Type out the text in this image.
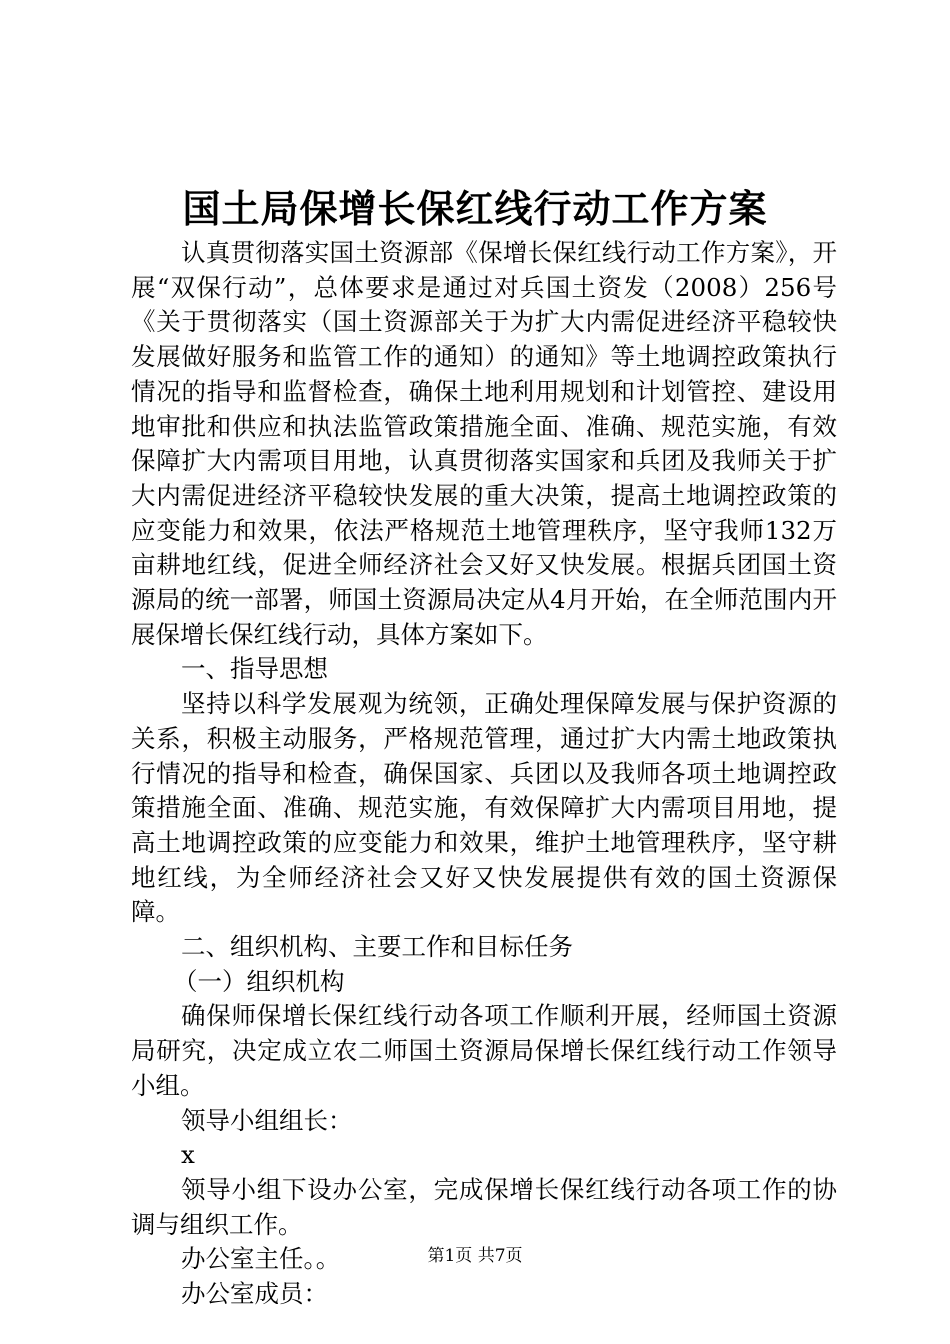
国土局保增长保红线行动工作方案

认真贯彻落实国土资源部《保增长保红线行动工作方案》，开展“双保行动”，总体要求是通过对兵国土资发（2008）256号《关于贯彻落实（国土资源部关于为扩大内需促进经济平稳较快发展做好服务和监管工作的通知）的通知》等土地调控政策执行情况的指导和监督检查，确保土地利用规划和计划管控、建设用地审批和供应和执法监管政策措施全面、准确、规范实施，有效保障扩大内需项目用地，认真贯彻落实国家和兵团及我师关于扩大内需促进经济平稳较快发展的重大决策，提高土地调控政策的应变能力和效果，依法严格规范土地管理秩序，坚守我师132万亩耕地红线，促进全师经济社会又好又快发展。根据兵团国土资源局的统一部署，师国土资源局决定从4月开始，在全师范围内开展保增长保红线行动，具体方案如下。

一、指导思想

坚持以科学发展观为统领，正确处理保障发展与保护资源的关系，积极主动服务，严格规范管理，通过扩大内需土地政策执行情况的指导和检查，确保国家、兵团以及我师各项土地调控政策措施全面、准确、规范实施，有效保障扩大内需项目用地，提高土地调控政策的应变能力和效果，维护土地管理秩序，坚守耕地红线，为全师经济社会又好又快发展提供有效的国土资源保障。

二、组织机构、主要工作和目标任务

（一）组织机构

确保师保增长保红线行动各项工作顺利开展，经师国土资源局研究，决定成立农二师国土资源局保增长保红线行动工作领导小组。

领导小组组长：

x

领导小组下设办公室，完成保增长保红线行动各项工作的协调与组织工作。

办公室主任。。

办公室成员：

第1页 共7页
